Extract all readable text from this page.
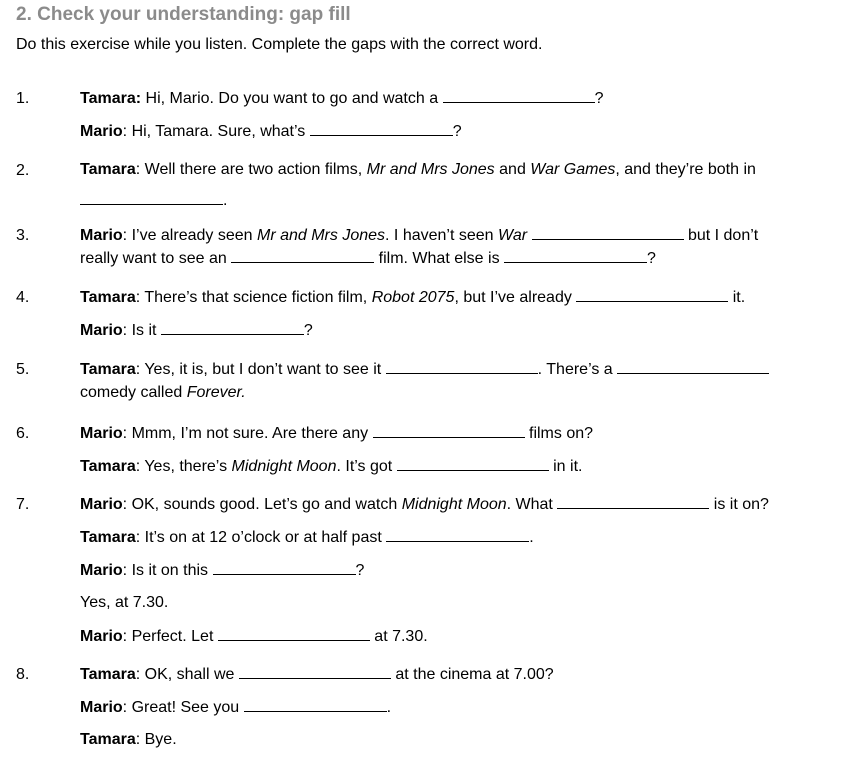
2. Check your understanding: gap fill
Do this exercise while you listen. Complete the gaps with the correct word.
1.
2.
3.
4.
5.
6.
7.
8.
Tamara: Hi, Mario. Do you want to go and watch a	?
Mario: Hi, Tamara. Sure, what’s	?
Tamara: Well there are two action films, Mr and Mrs Jones and War Games, and they’re both in
.
Mario: I’ve already seen Mr and Mrs Jones. I haven’t seen War	but I don’t
really want to see an	film. What else is	?
Tamara: There’s that science fiction film, Robot 2075, but I’ve already	it.
Mario: Is it	?
Tamara: Yes, it is, but I don’t want to see it	. There’s a
comedy called Forever.
Mario: Mmm, I’m not sure. Are there any	films on?
Tamara: Yes, there’s Midnight Moon. It’s got	in it.
Mario: OK, sounds good. Let’s go and watch Midnight Moon. What	is it on?
Tamara: It’s on at 12 o’clock or at half past	.
Mario: Is it on this	?
Yes, at 7.30.
Mario: Perfect. Let	at 7.30.
Tamara: OK, shall we	at the cinema at 7.00?
Mario: Great! See you	.
Tamara: Bye.
